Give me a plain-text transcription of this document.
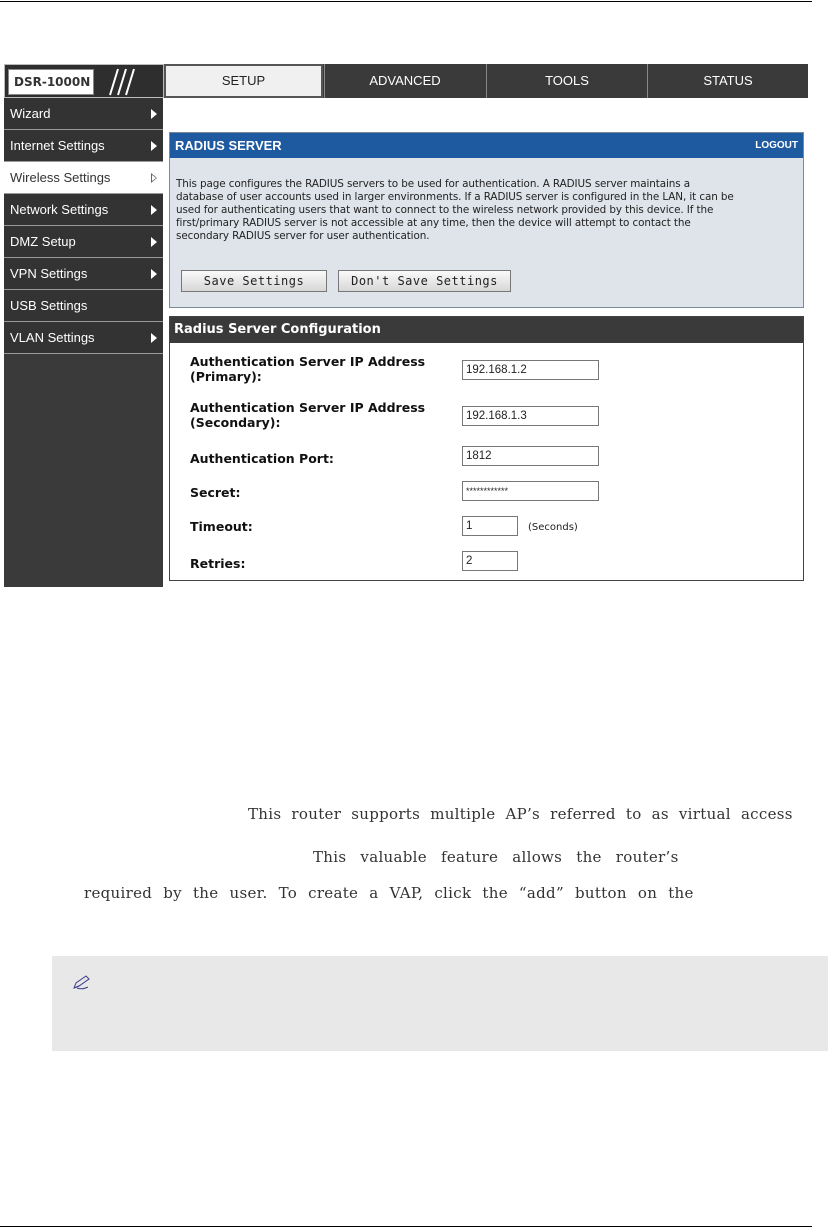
DSR-1000N	SETUP	ADVANCED	TOOLS	STATUS
Wizard
Internet Settings
Wireless Settings
Network Settings
DMZ Setup
VPN Settings
USB Settings
VLAN Settings
RADIUS SERVER	LOGOUT
This page configures the RADIUS servers to be used for authentication. A RADIUS server maintains a
database of user accounts used in larger environments. If a RADIUS server is configured in the LAN, it can be
used for authenticating users that want to connect to the wireless network provided by this device. If the
first/primary RADIUS server is not accessible at any time, then the device will attempt to contact the
secondary RADIUS server for user authentication.
Save Settings	Don't Save Settings
Radius Server Configuration
Authentication Server IP Address
(Primary):	192.168.1.2
Authentication Server IP Address
(Secondary):	192.168.1.3
Authentication Port:	1812
Secret:	************
Timeout:	1	(Seconds)
Retries:	2
This router supports multiple AP’s referred to as virtual access
This valuable feature allows the router’s
required by the user. To create a VAP, click the “add” button on the
